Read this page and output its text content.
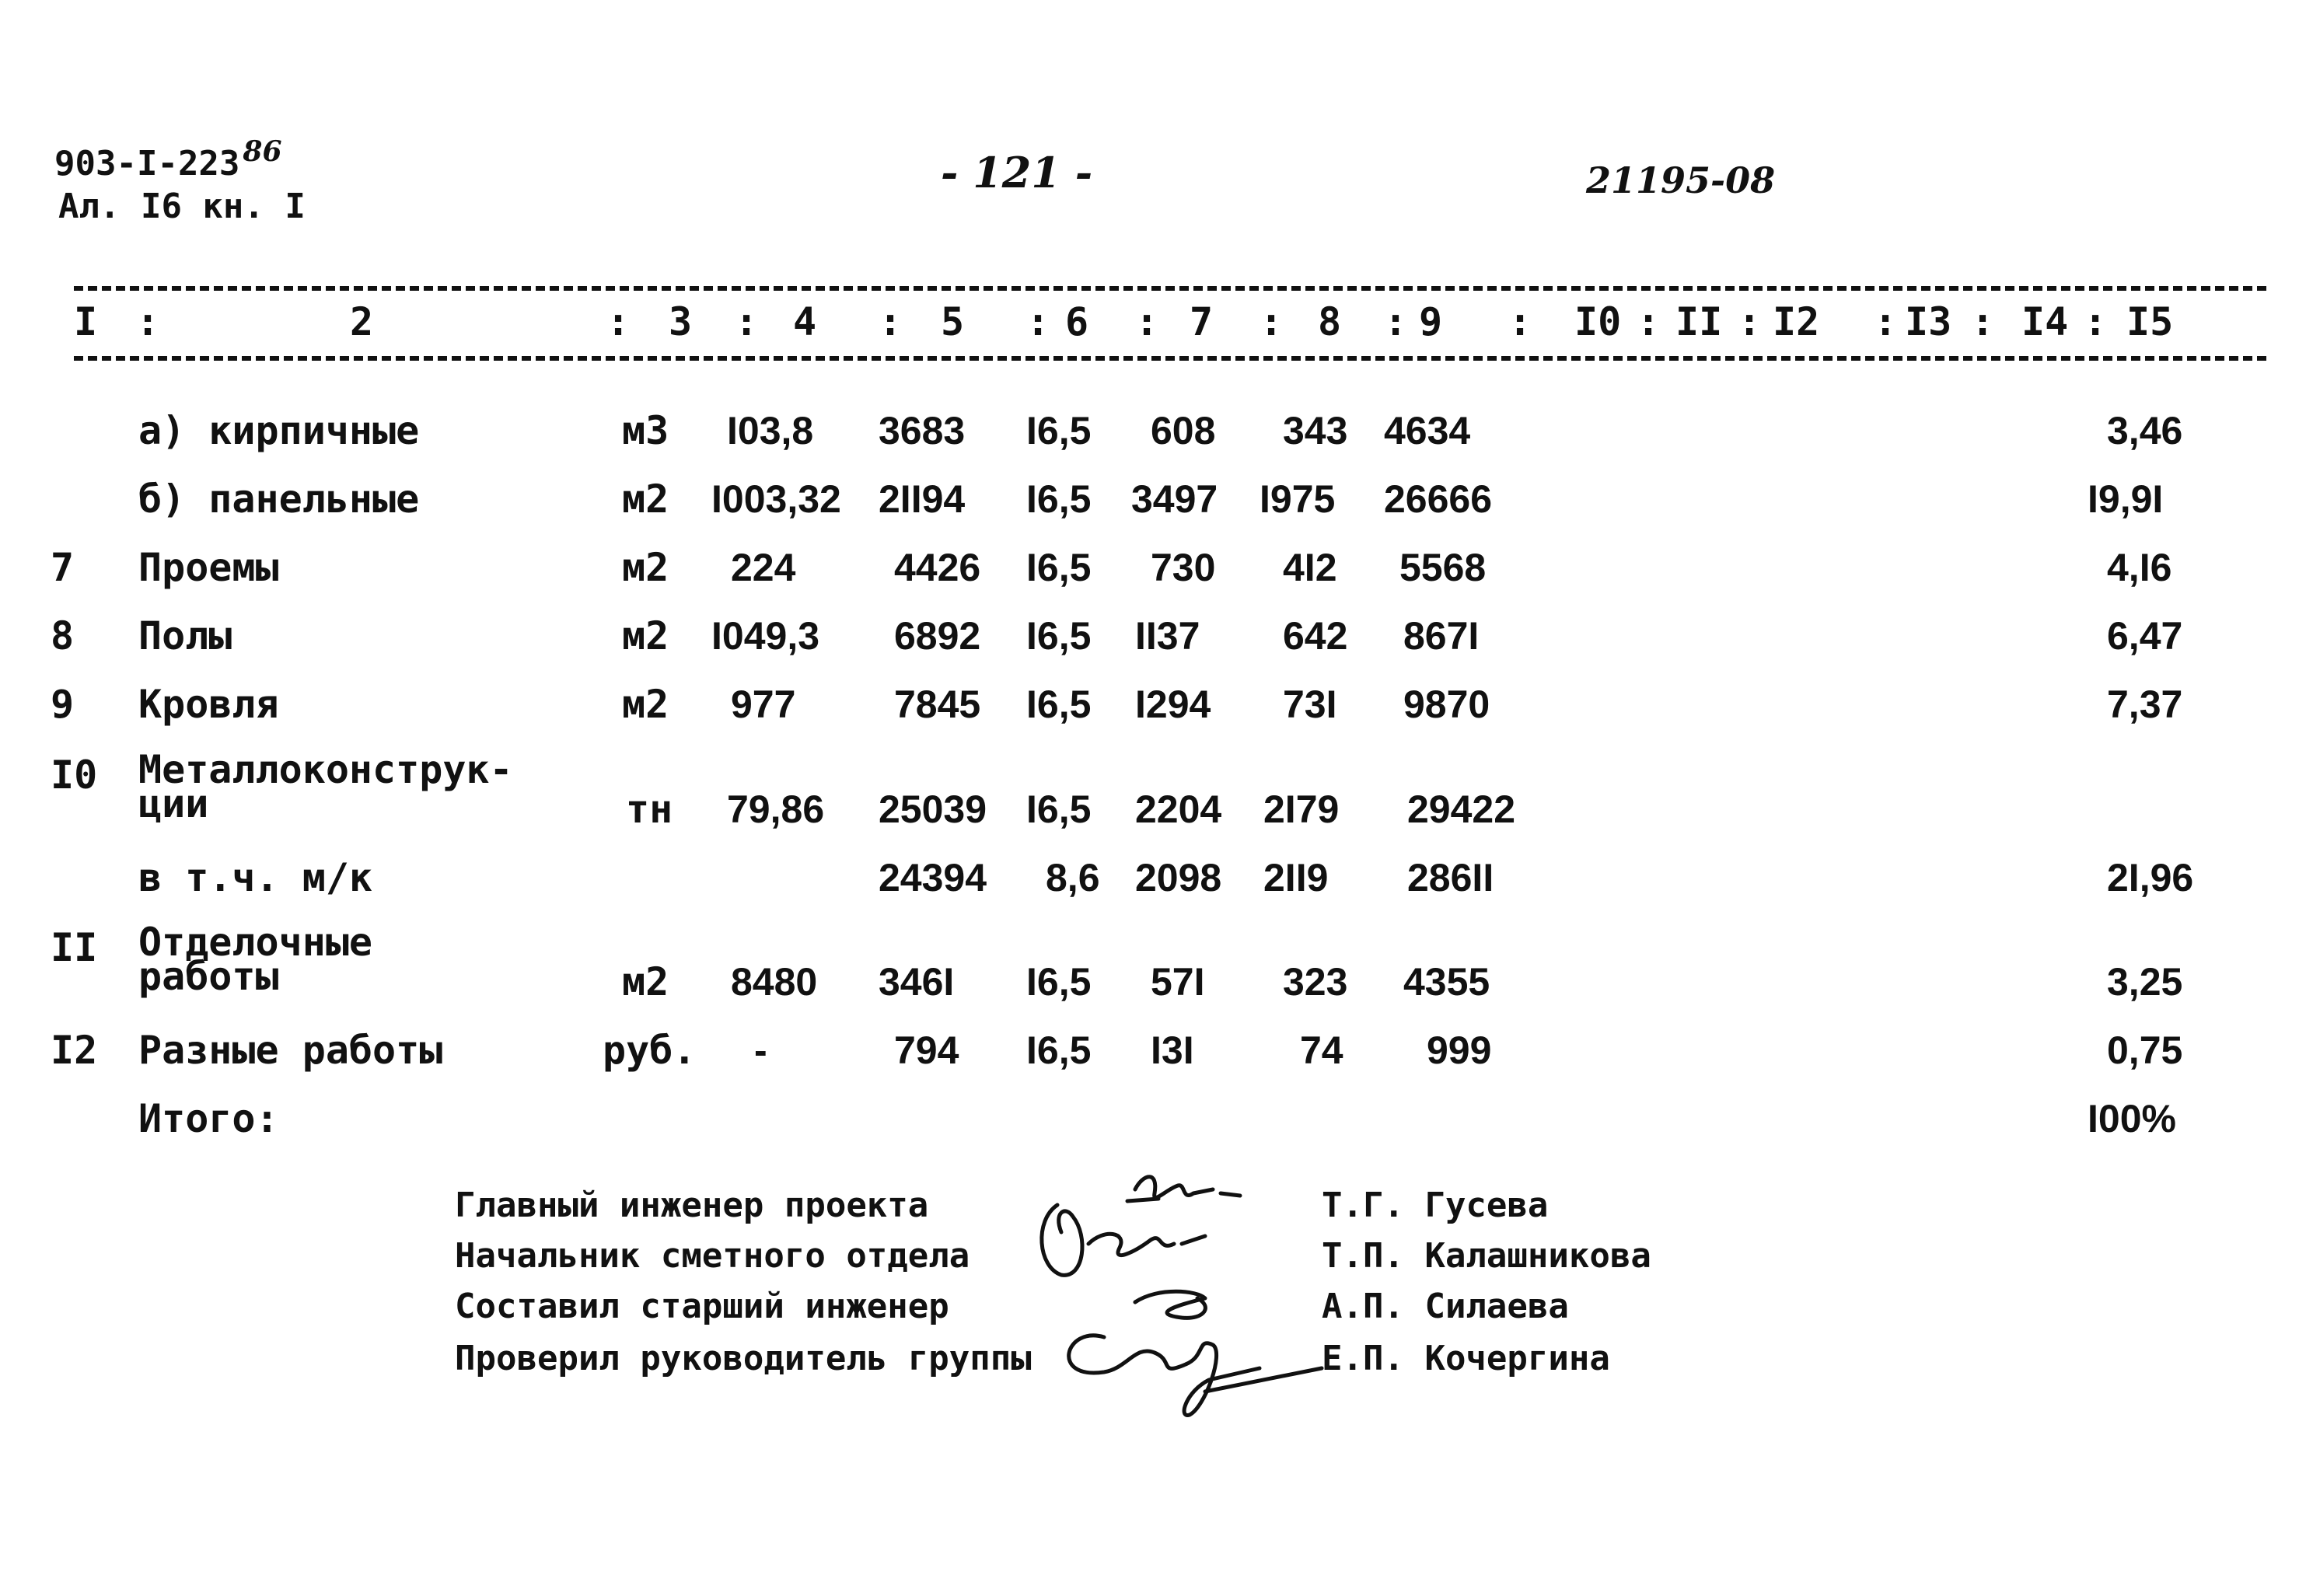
903-I-223 $^{86}$
Ал. I6 кн. I
- 121 -	21195-08
I :	2	: 3 : 4 : 5 : 6 : 7 : 8 : 9 : I0 : II : I2 : I3 : I4 : I5
а) кирпичные	м3 I03,8 3683 I6,5 608 343 4634	3,46
б) панельные	м2 I003,32 2II94 I6,5 3497 I975 26666	I9,9I
7 Проемы	м2 224	4426 I6,5 730 4I2 5568	4,I6
8 Полы	м2 I049,3 6892 I6,5 II37 642 867I	6,47
9 Кровля	м2 977	7845 I6,5 I294 73I 9870	7,37
I0 Металлоконструк-
ции	тн 79,86 25039 I6,5 2204 2I79 29422
в т.ч. м/к	24394 8,6 2098 2II9 286II	2I,96
II Отделочные
работы	м2 8480 346I I6,5 57I 323 4355	3,25
I2 Разные работы	руб. -	794 I6,5 I3I	74 999	0,75
Итого:	I00%
Главный инженер проекта	Т.Г. Гусева
Начальник сметного отдела	Т.П. Калашникова
Составил старший инженер	А.П. Силаева
Проверил руководитель группы	Е.П. Кочергина
